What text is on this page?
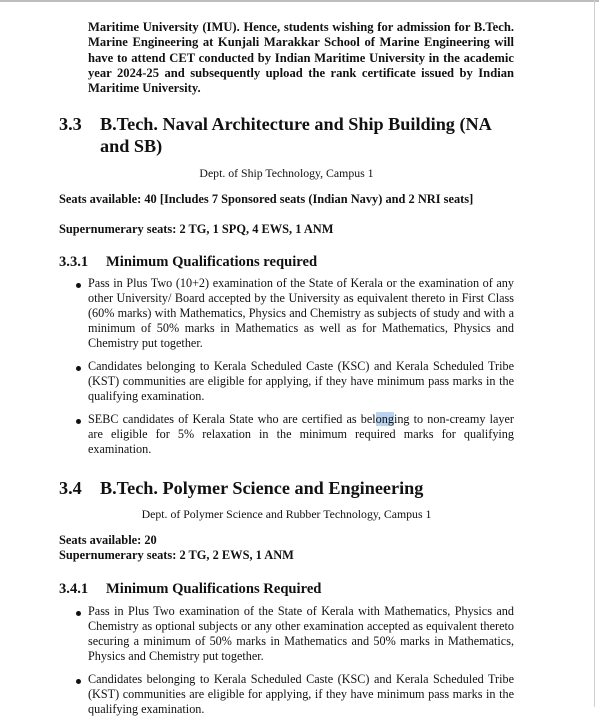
Maritime University (IMU). Hence, students wishing for admission for B.Tech. Marine Engineering at Kunjali Marakkar School of Marine Engineering will have to attend CET conducted by Indian Maritime University in the academic year 2024-25 and subsequently upload the rank certificate issued by Indian Maritime University.

3.3 B.Tech. Naval Architecture and Ship Building (NA and SB)
Dept. of Ship Technology, Campus 1
Seats available: 40 [Includes 7 Sponsored seats (Indian Navy) and 2 NRI seats]
Supernumerary seats: 2 TG, 1 SPQ, 4 EWS, 1 ANM
3.3.1 Minimum Qualifications required

Pass in Plus Two (10+2) examination of the State of Kerala or the examination of any other University/ Board accepted by the University as equivalent thereto in First Class (60% marks) with Mathematics, Physics and Chemistry as subjects of study and with a minimum of 50% marks in Mathematics as well as for Mathematics, Physics and Chemistry put together.

Candidates belonging to Kerala Scheduled Caste (KSC) and Kerala Scheduled Tribe (KST) communities are eligible for applying, if they have minimum pass marks in the qualifying examination.

SEBC candidates of Kerala State who are certified as belonging to non-creamy layer are eligible for 5% relaxation in the minimum required marks for qualifying examination.

3.4 B.Tech. Polymer Science and Engineering
Dept. of Polymer Science and Rubber Technology, Campus 1
Seats available: 20
Supernumerary seats: 2 TG, 2 EWS, 1 ANM
3.4.1 Minimum Qualifications Required

Pass in Plus Two examination of the State of Kerala with Mathematics, Physics and Chemistry as optional subjects or any other examination accepted as equivalent thereto securing a minimum of 50% marks in Mathematics and 50% marks in Mathematics, Physics and Chemistry put together.

Candidates belonging to Kerala Scheduled Caste (KSC) and Kerala Scheduled Tribe (KST) communities are eligible for applying, if they have minimum pass marks in the qualifying examination.
